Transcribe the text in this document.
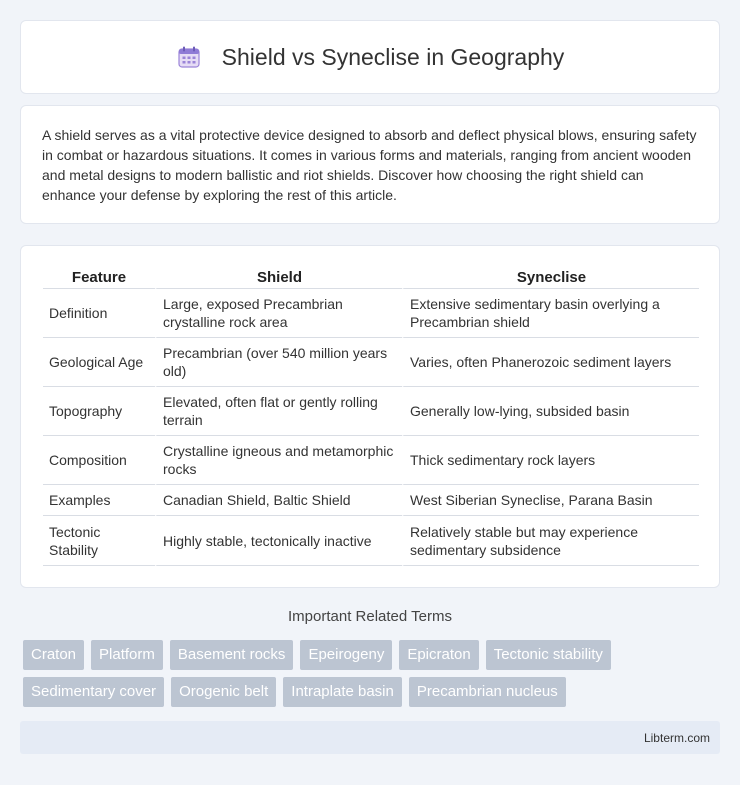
Shield vs Syneclise in Geography

A shield serves as a vital protective device designed to absorb and deflect physical blows, ensuring safety in combat or hazardous situations. It comes in various forms and materials, ranging from ancient wooden and metal designs to modern ballistic and riot shields. Discover how choosing the right shield can enhance your defense by exploring the rest of this article.

Feature	Shield	Syneclise
Definition	Large, exposed Precambrian crystalline rock area	Extensive sedimentary basin overlying a Precambrian shield
Geological Age	Precambrian (over 540 million years old)	Varies, often Phanerozoic sediment layers
Topography	Elevated, often flat or gently rolling terrain	Generally low-lying, subsided basin
Composition	Crystalline igneous and metamorphic rocks	Thick sedimentary rock layers
Examples	Canadian Shield, Baltic Shield	West Siberian Syneclise, Parana Basin
Tectonic Stability	Highly stable, tectonically inactive	Relatively stable but may experience sedimentary subsidence
Important Related Terms
Craton	Platform	Basement rocks	Epeirogeny	Epicraton	Tectonic stability
Sedimentary cover	Orogenic belt	Intraplate basin	Precambrian nucleus
Libterm.com
